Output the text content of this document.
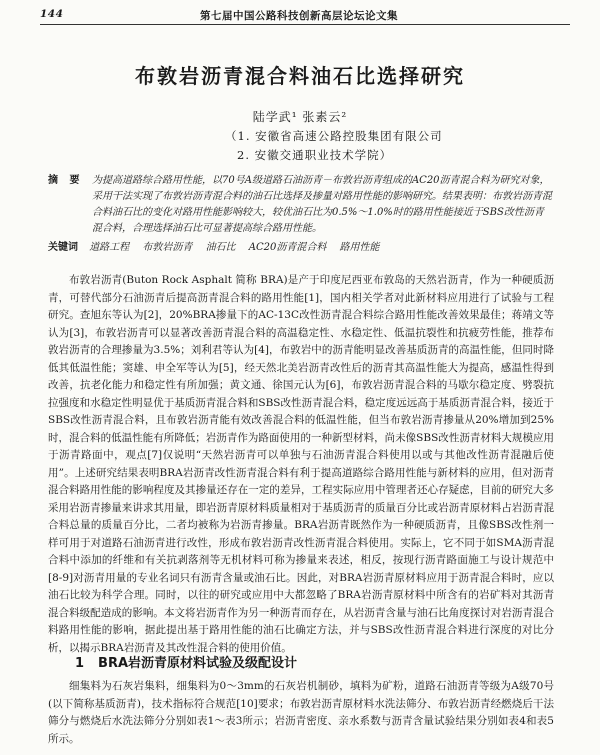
144	第七届中国公路科技创新高层论坛论文集
布敦岩沥青混合料油石比选择研究
陆学武¹ 张素云²
（1. 安徽省高速公路控股集团有限公司
2. 安徽交通职业技术学院）
摘 要 为提高道路综合路用性能，以70号A级道路石油沥青－布敦岩沥青组成的AC20沥青混合料为研究对象，采用干法实现了布敦岩沥青混合料的油石比选择及掺量对路用性能的影响研究。结果表明：布敦岩沥青混合料油石比的变化对路用性能影响较大，较优油石比为0.5%～1.0%时的路用性能接近于SBS改性沥青混合料，合理选择油石比可显著提高综合路用性能。
关键词 道路工程 布敦岩沥青 油石比 AC20沥青混合料 路用性能
布敦岩沥青(Buton Rock Asphalt 简称 BRA)是产于印度尼西亚布敦岛的天然岩沥青，作为一种硬质沥青，可替代部分石油沥青后提高沥青混合料的路用性能[1]，国内相关学者对此新材料应用进行了试验与工程研究。查旭东等认为[2]，20%BRA掺量下的AC-13C改性沥青混合料综合路用性能改善效果最佳；蒋靖文等认为[3]，布敦岩沥青可以显著改善沥青混合料的高温稳定性、水稳定性、低温抗裂性和抗疲劳性能，推荐布敦岩沥青的合理掺量为3.5%；刘利君等认为[4]，布敦岩中的沥青能明显改善基质沥青的高温性能，但同时降低其低温性能；窦雄、申全军等认为[5]，经天然北美岩沥青改性后的沥青其高温性能大为提高，感温性得到改善，抗老化能力和稳定性有所加强；黄文通、徐国元认为[6]，布敦岩沥青混合料的马歇尔稳定度、劈裂抗拉强度和水稳定性明显优于基质沥青混合料和SBS改性沥青混合料，稳定度远远高于基质沥青混合料，接近于SBS改性沥青混合料，且布敦岩沥青能有效改善混合料的低温性能，但当布敦岩沥青掺量从20%增加到25%时，混合料的低温性能有所降低；岩沥青作为路面使用的一种新型材料，尚未像SBS改性沥青材料大规模应用于沥青路面中，观点[7]仅说明“天然岩沥青可以单独与石油沥青混合料使用以或与其他改性沥青混融后使用”。上述研究结果表明BRA岩沥青改性沥青混合料有利于提高道路综合路用性能与新材料的应用，但对沥青混合料路用性能的影响程度及其掺量还存在一定的差异，工程实际应用中管理者还心存疑虑，目前的研究大多采用岩沥青掺量来讲求其用量，即岩沥青原材料质量相对于基质沥青的质量百分比或岩沥青原材料占岩沥青混合料总量的质量百分比，二者均被称为岩沥青掺量。BRA岩沥青既然作为一种硬质沥青，且像SBS改性剂一样可用于对道路石油沥青进行改性，形成布敦岩沥青改性沥青混合料使用。实际上，它不同于如SMA沥青混合料中添加的纤维和有关抗剥落剂等无机材料可称为掺量来表述，相反，按现行沥青路面施工与设计规范中[8-9]对沥青用量的专业名词只有沥青含量或油石比。因此，对BRA岩沥青原材料应用于沥青混合料时，应以油石比较为科学合理。同时，以往的研究或应用中大都忽略了BRA岩沥青原材料中所含有的岩矿料对其沥青混合料级配造成的影响。本文将岩沥青作为另一种沥青而存在，从岩沥青含量与油石比角度探讨对岩沥青混合料路用性能的影响，据此提出基于路用性能的油石比确定方法，并与SBS改性沥青混合料进行深度的对比分析，以揭示BRA岩沥青及其改性混合料的使用价值。
1 BRA岩沥青原材料试验及级配设计
细集料为石灰岩集料，细集料为0～3mm的石灰岩机制砂，填料为矿粉，道路石油沥青等级为A级70号(以下简称基质沥青)，技术指标符合规范[10]要求；布敦岩沥青原材料水洗法筛分、布敦岩沥青经燃烧后干法筛分与燃烧后水洗法筛分分别如表1～表3所示；岩沥青密度、亲水系数与沥青含量试验结果分别如表4和表5所示。
